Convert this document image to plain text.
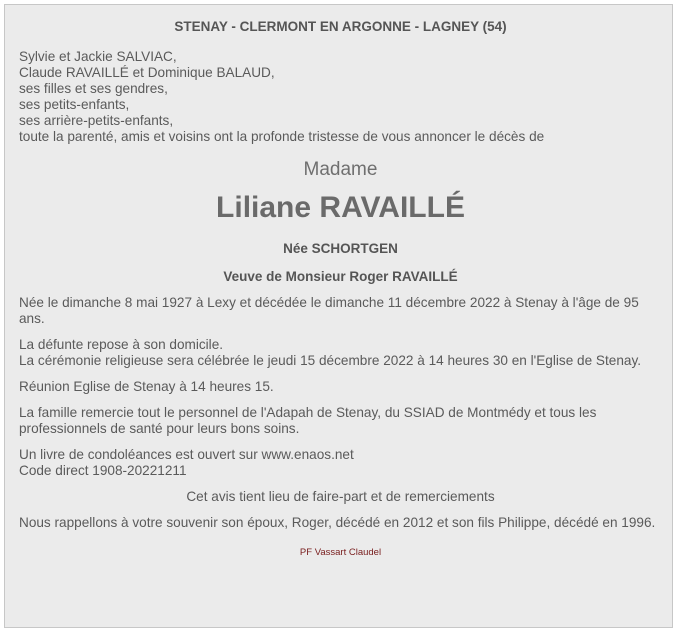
STENAY - CLERMONT EN ARGONNE - LAGNEY (54)

Sylvie et Jackie SALVIAC,

Claude RAVAILLÉ et Dominique BALAUD,

ses filles et ses gendres,

ses petits-enfants,

ses arrière-petits-enfants,

toute la parenté, amis et voisins ont la profonde tristesse de vous annoncer le décès de

Madame
Liliane RAVAILLÉ
Née SCHORTGEN
Veuve de Monsieur Roger RAVAILLÉ

Née le dimanche 8 mai 1927 à Lexy et décédée le dimanche 11 décembre 2022 à Stenay à l'âge de 95 ans.

La défunte repose à son domicile.

La cérémonie religieuse sera célébrée le jeudi 15 décembre 2022 à 14 heures 30 en l'Eglise de Stenay.

Réunion Eglise de Stenay à 14 heures 15.

La famille remercie tout le personnel de l'Adapah de Stenay, du SSIAD de Montmédy et tous les professionnels de santé pour leurs bons soins.

Un livre de condoléances est ouvert sur www.enaos.net

Code direct 1908-20221211

Cet avis tient lieu de faire-part et de remerciements

Nous rappellons à votre souvenir son époux, Roger, décédé en 2012 et son fils Philippe, décédé en 1996.

PF Vassart Claudel
